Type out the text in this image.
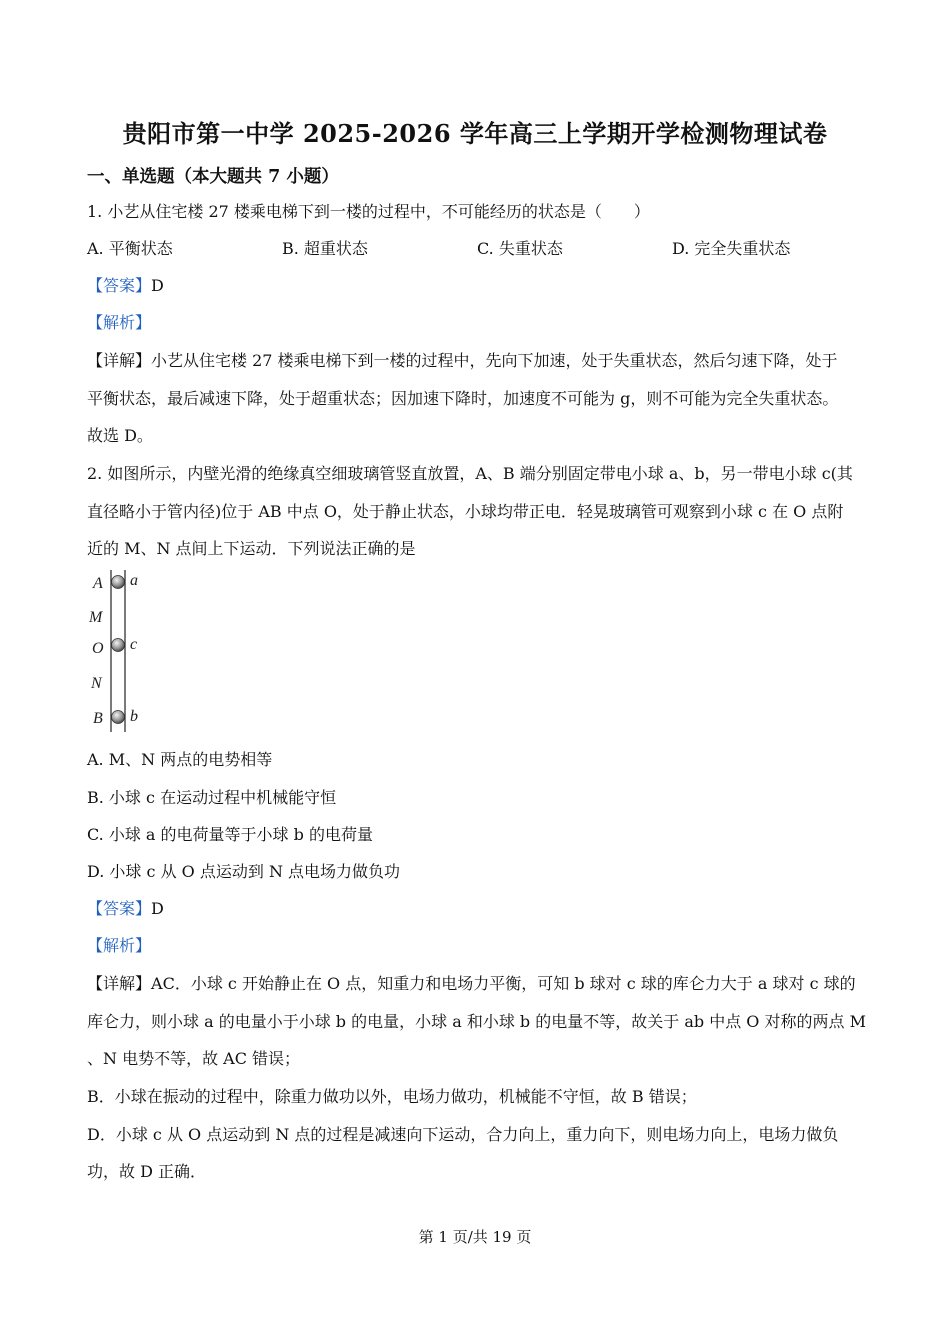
贵阳市第一中学 2025-2026 学年高三上学期开学检测物理试卷
一、单选题（本大题共 7 小题）
1. 小艺从住宅楼 27 楼乘电梯下到一楼的过程中，不可能经历的状态是（　　）
A. 平衡状态	B. 超重状态	C. 失重状态	D. 完全失重状态
【答案】D
【解析】
【详解】小艺从住宅楼 27 楼乘电梯下到一楼的过程中，先向下加速，处于失重状态，然后匀速下降，处于
平衡状态，最后减速下降，处于超重状态；因加速下降时，加速度不可能为 g，则不可能为完全失重状态。
故选 D。
2. 如图所示，内壁光滑的绝缘真空细玻璃管竖直放置，A、B 端分别固定带电小球 a、b，另一带电小球 c(其
直径略小于管内径)位于 AB 中点 O，处于静止状态，小球均带正电．轻晃玻璃管可观察到小球 c 在 O 点附
近的 M、N 点间上下运动．下列说法正确的是
A
M
O
N
B
a
c
b
A. M、N 两点的电势相等
B. 小球 c 在运动过程中机械能守恒
C. 小球 a 的电荷量等于小球 b 的电荷量
D. 小球 c 从 O 点运动到 N 点电场力做负功
【答案】D
【解析】
【详解】AC．小球 c 开始静止在 O 点，知重力和电场力平衡，可知 b 球对 c 球的库仑力大于 a 球对 c 球的
库仑力，则小球 a 的电量小于小球 b 的电量，小球 a 和小球 b 的电量不等，故关于 ab 中点 O 对称的两点 M
、N 电势不等，故 AC 错误；
B．小球在振动的过程中，除重力做功以外，电场力做功，机械能不守恒，故 B 错误；
D．小球 c 从 O 点运动到 N 点的过程是减速向下运动，合力向上，重力向下，则电场力向上，电场力做负
功，故 D 正确．
第 1 页/共 19 页
